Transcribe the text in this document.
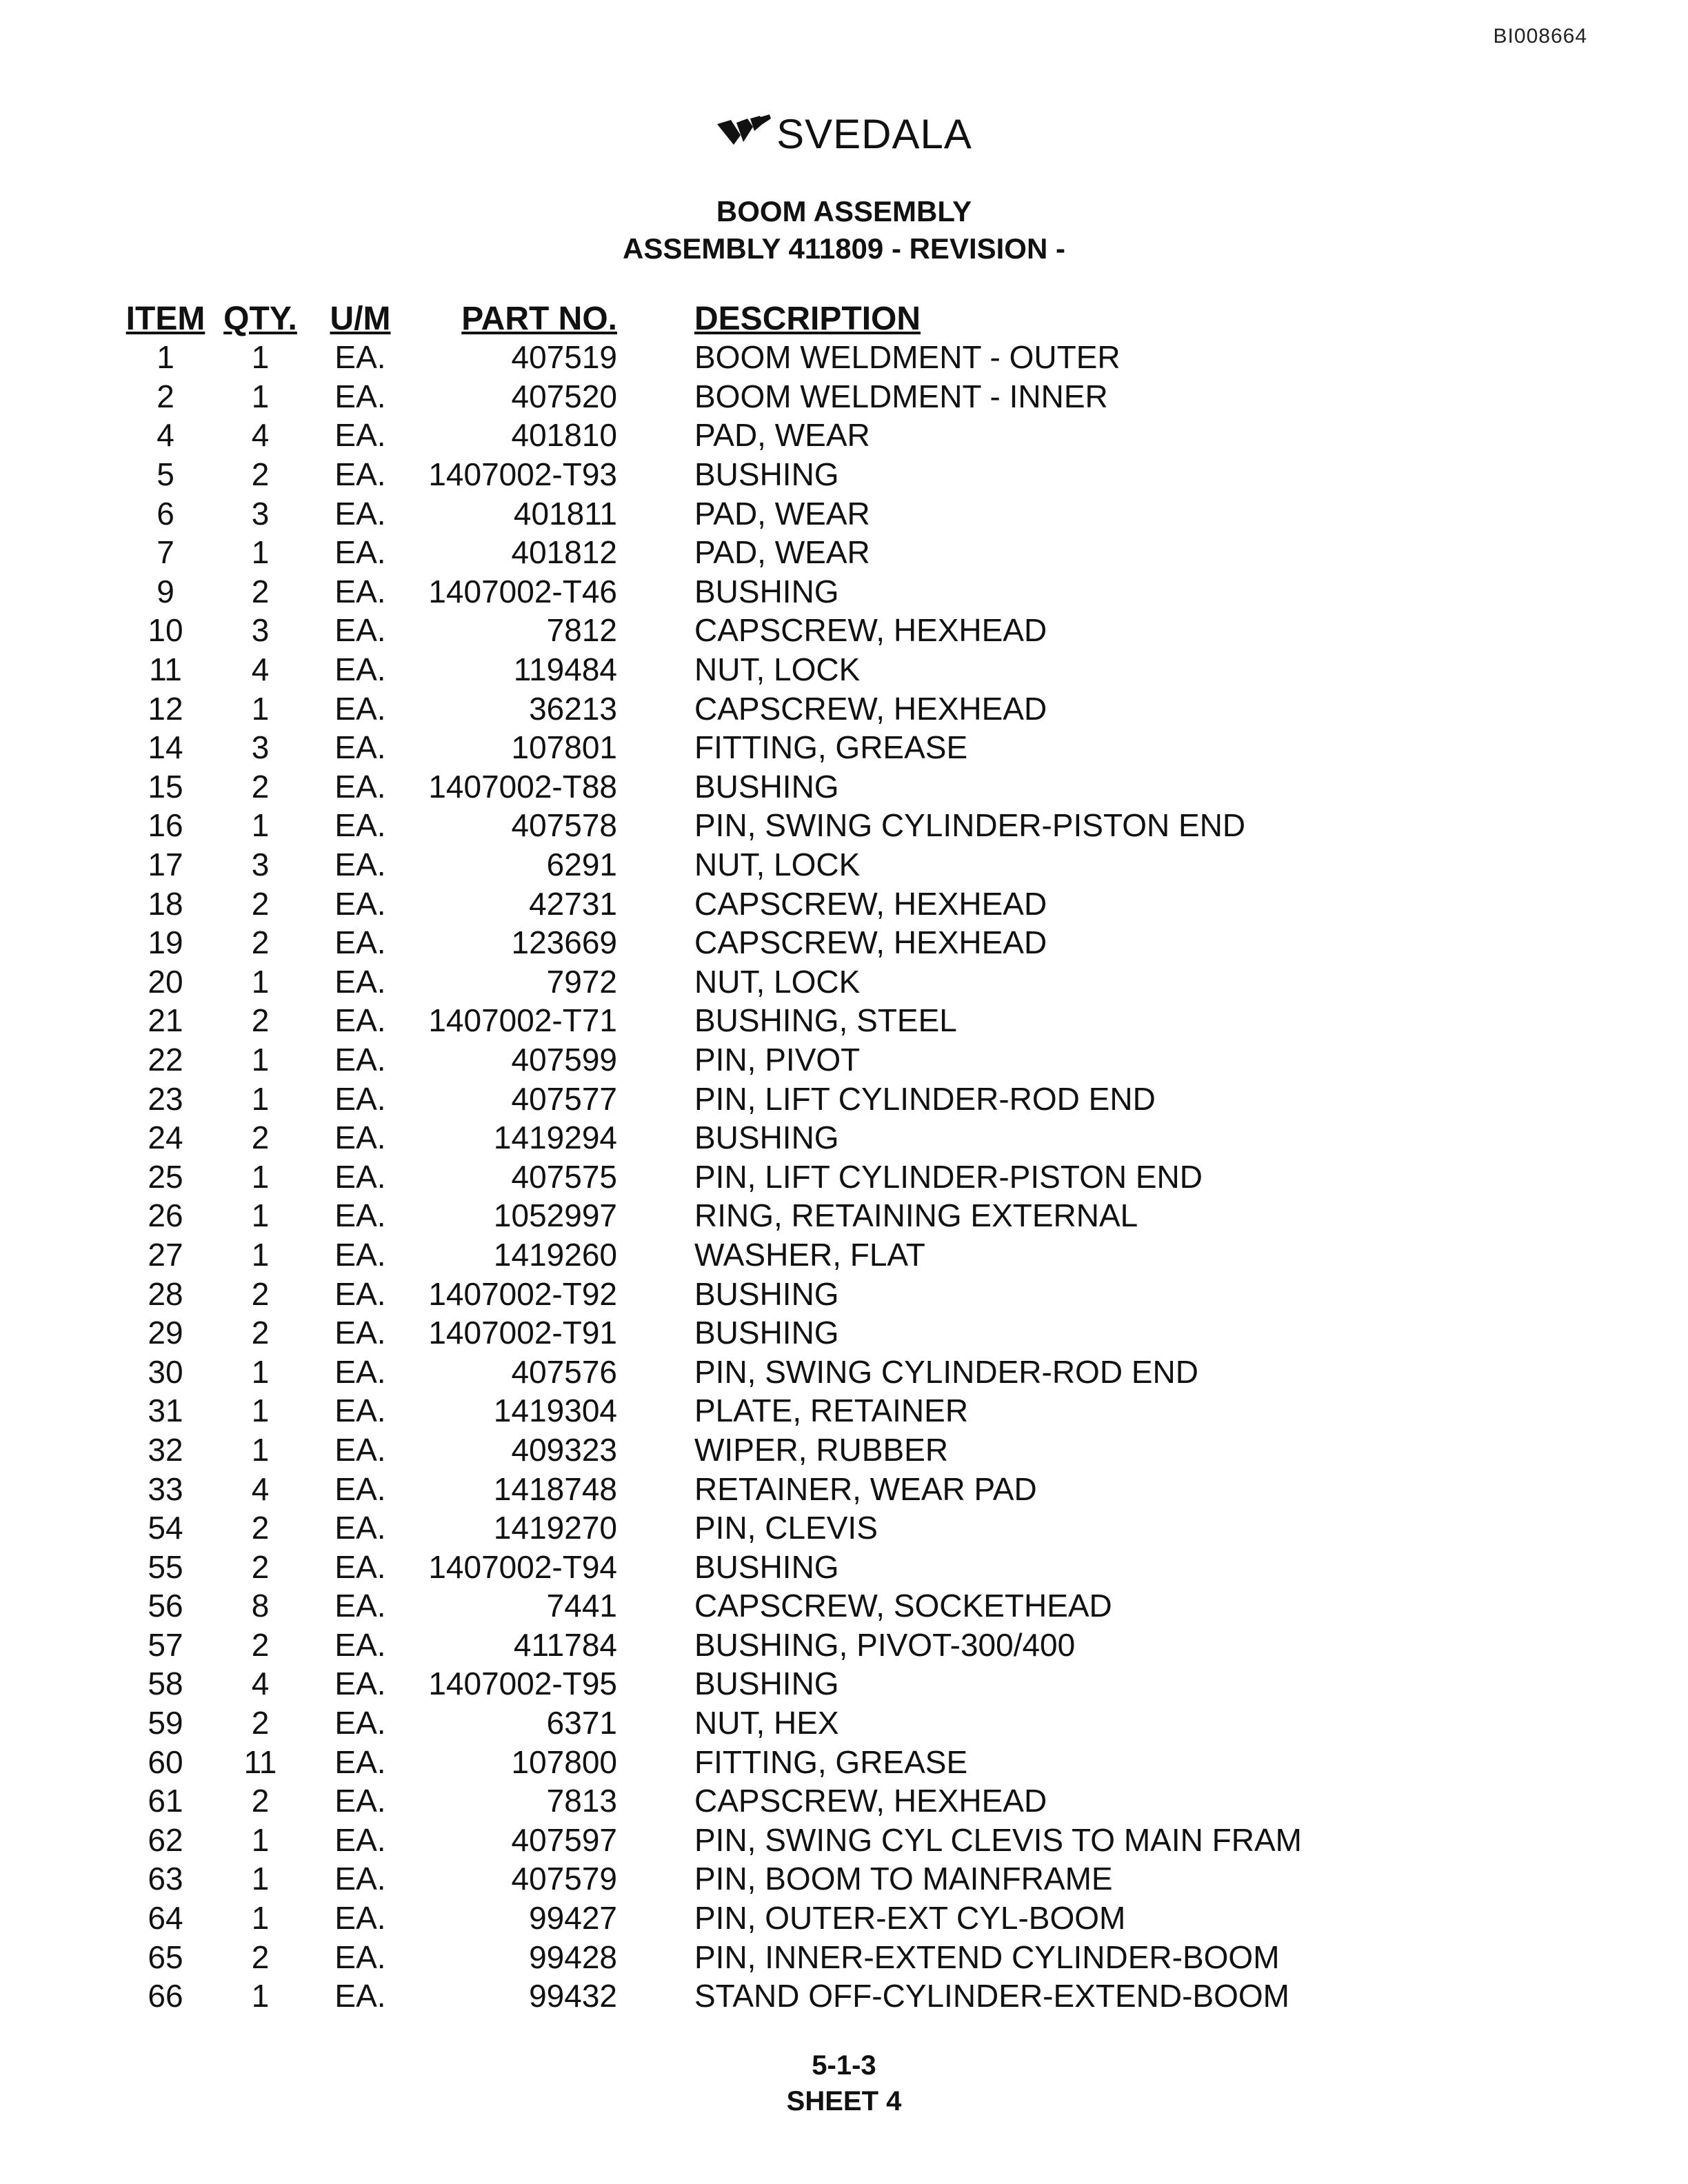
BI008664
SVEDALA
BOOM ASSEMBLY
ASSEMBLY 411809 - REVISION -
ITEM	QTY.	U/M	PART NO.		DESCRIPTION
1	1	EA.	407519		BOOM WELDMENT - OUTER
2	1	EA.	407520		BOOM WELDMENT - INNER
4	4	EA.	401810		PAD, WEAR
5	2	EA.	1407002-T93		BUSHING
6	3	EA.	401811		PAD, WEAR
7	1	EA.	401812		PAD, WEAR
9	2	EA.	1407002-T46		BUSHING
10	3	EA.	7812		CAPSCREW, HEXHEAD
11	4	EA.	119484		NUT, LOCK
12	1	EA.	36213		CAPSCREW, HEXHEAD
14	3	EA.	107801		FITTING, GREASE
15	2	EA.	1407002-T88		BUSHING
16	1	EA.	407578		PIN, SWING CYLINDER-PISTON END
17	3	EA.	6291		NUT, LOCK
18	2	EA.	42731		CAPSCREW, HEXHEAD
19	2	EA.	123669		CAPSCREW, HEXHEAD
20	1	EA.	7972		NUT, LOCK
21	2	EA.	1407002-T71		BUSHING, STEEL
22	1	EA.	407599		PIN, PIVOT
23	1	EA.	407577		PIN, LIFT CYLINDER-ROD END
24	2	EA.	1419294		BUSHING
25	1	EA.	407575		PIN, LIFT CYLINDER-PISTON END
26	1	EA.	1052997		RING, RETAINING EXTERNAL
27	1	EA.	1419260		WASHER, FLAT
28	2	EA.	1407002-T92		BUSHING
29	2	EA.	1407002-T91		BUSHING
30	1	EA.	407576		PIN, SWING CYLINDER-ROD END
31	1	EA.	1419304		PLATE, RETAINER
32	1	EA.	409323		WIPER, RUBBER
33	4	EA.	1418748		RETAINER, WEAR PAD
54	2	EA.	1419270		PIN, CLEVIS
55	2	EA.	1407002-T94		BUSHING
56	8	EA.	7441		CAPSCREW, SOCKETHEAD
57	2	EA.	411784		BUSHING, PIVOT-300/400
58	4	EA.	1407002-T95		BUSHING
59	2	EA.	6371		NUT, HEX
60	11	EA.	107800		FITTING, GREASE
61	2	EA.	7813		CAPSCREW, HEXHEAD
62	1	EA.	407597		PIN, SWING CYL CLEVIS TO MAIN FRAM
63	1	EA.	407579		PIN, BOOM TO MAINFRAME
64	1	EA.	99427		PIN, OUTER-EXT CYL-BOOM
65	2	EA.	99428		PIN, INNER-EXTEND CYLINDER-BOOM
66	1	EA.	99432		STAND OFF-CYLINDER-EXTEND-BOOM
5-1-3
SHEET 4
